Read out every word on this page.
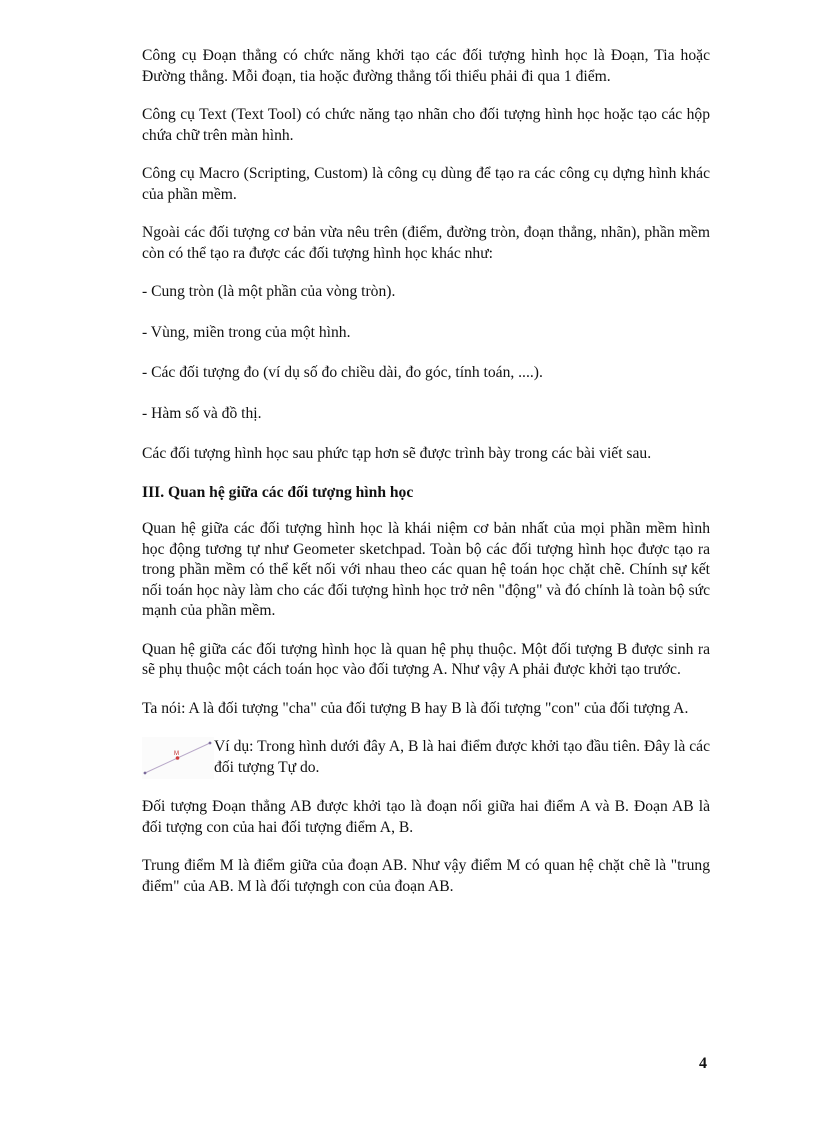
Công cụ Đoạn thẳng có chức năng khởi tạo các đối tượng hình học là Đoạn, Tia hoặc Đường thẳng. Mỗi đoạn, tia hoặc đường thẳng tối thiểu phải đi qua 1 điểm.

Công cụ Text (Text Tool) có chức năng tạo nhãn cho đối tượng hình học hoặc tạo các hộp chứa chữ trên màn hình.

Công cụ Macro (Scripting, Custom) là công cụ dùng để tạo ra các công cụ dựng hình khác của phần mềm.

Ngoài các đối tượng cơ bản vừa nêu trên (điểm, đường tròn, đoạn thẳng, nhãn), phần mềm còn có thể tạo ra được các đối tượng hình học khác như:

- Cung tròn (là một phần của vòng tròn).

- Vùng, miền trong của một hình.

- Các đối tượng đo (ví dụ số đo chiều dài, đo góc, tính toán, ....).

- Hàm số và đồ thị.

Các đối tượng hình học sau phức tạp hơn sẽ được trình bày trong các bài viết sau.

III. Quan hệ giữa các đối tượng hình học

Quan hệ giữa các đối tượng hình học là khái niệm cơ bản nhất của mọi phần mềm hình học động tương tự như Geometer sketchpad. Toàn bộ các đối tượng hình học được tạo ra trong phần mềm có thể kết nối với nhau theo các quan hệ toán học chặt chẽ. Chính sự kết nối toán học này làm cho các đối tượng hình học trở nên "động" và đó chính là toàn bộ sức mạnh của phần mềm.

Quan hệ giữa các đối tượng hình học là quan hệ phụ thuộc. Một đối tượng B được sinh ra sẽ phụ thuộc một cách toán học vào đối tượng A. Như vậy A phải được khởi tạo trước.

Ta nói: A là đối tượng "cha" của đối tượng B hay B là đối tượng "con" của đối tượng A.

M Ví dụ: Trong hình dưới đây A, B là hai điểm được khởi tạo đầu tiên. Đây là các đối tượng Tự do.

Đối tượng Đoạn thẳng AB được khởi tạo là đoạn nối giữa hai điểm A và B. Đoạn AB là đối tượng con của hai đối tượng điểm A, B.

Trung điểm M là điểm giữa của đoạn AB. Như vậy điểm M có quan hệ chặt chẽ là "trung điểm" của AB. M là đối tượngh con của đoạn AB.

4
